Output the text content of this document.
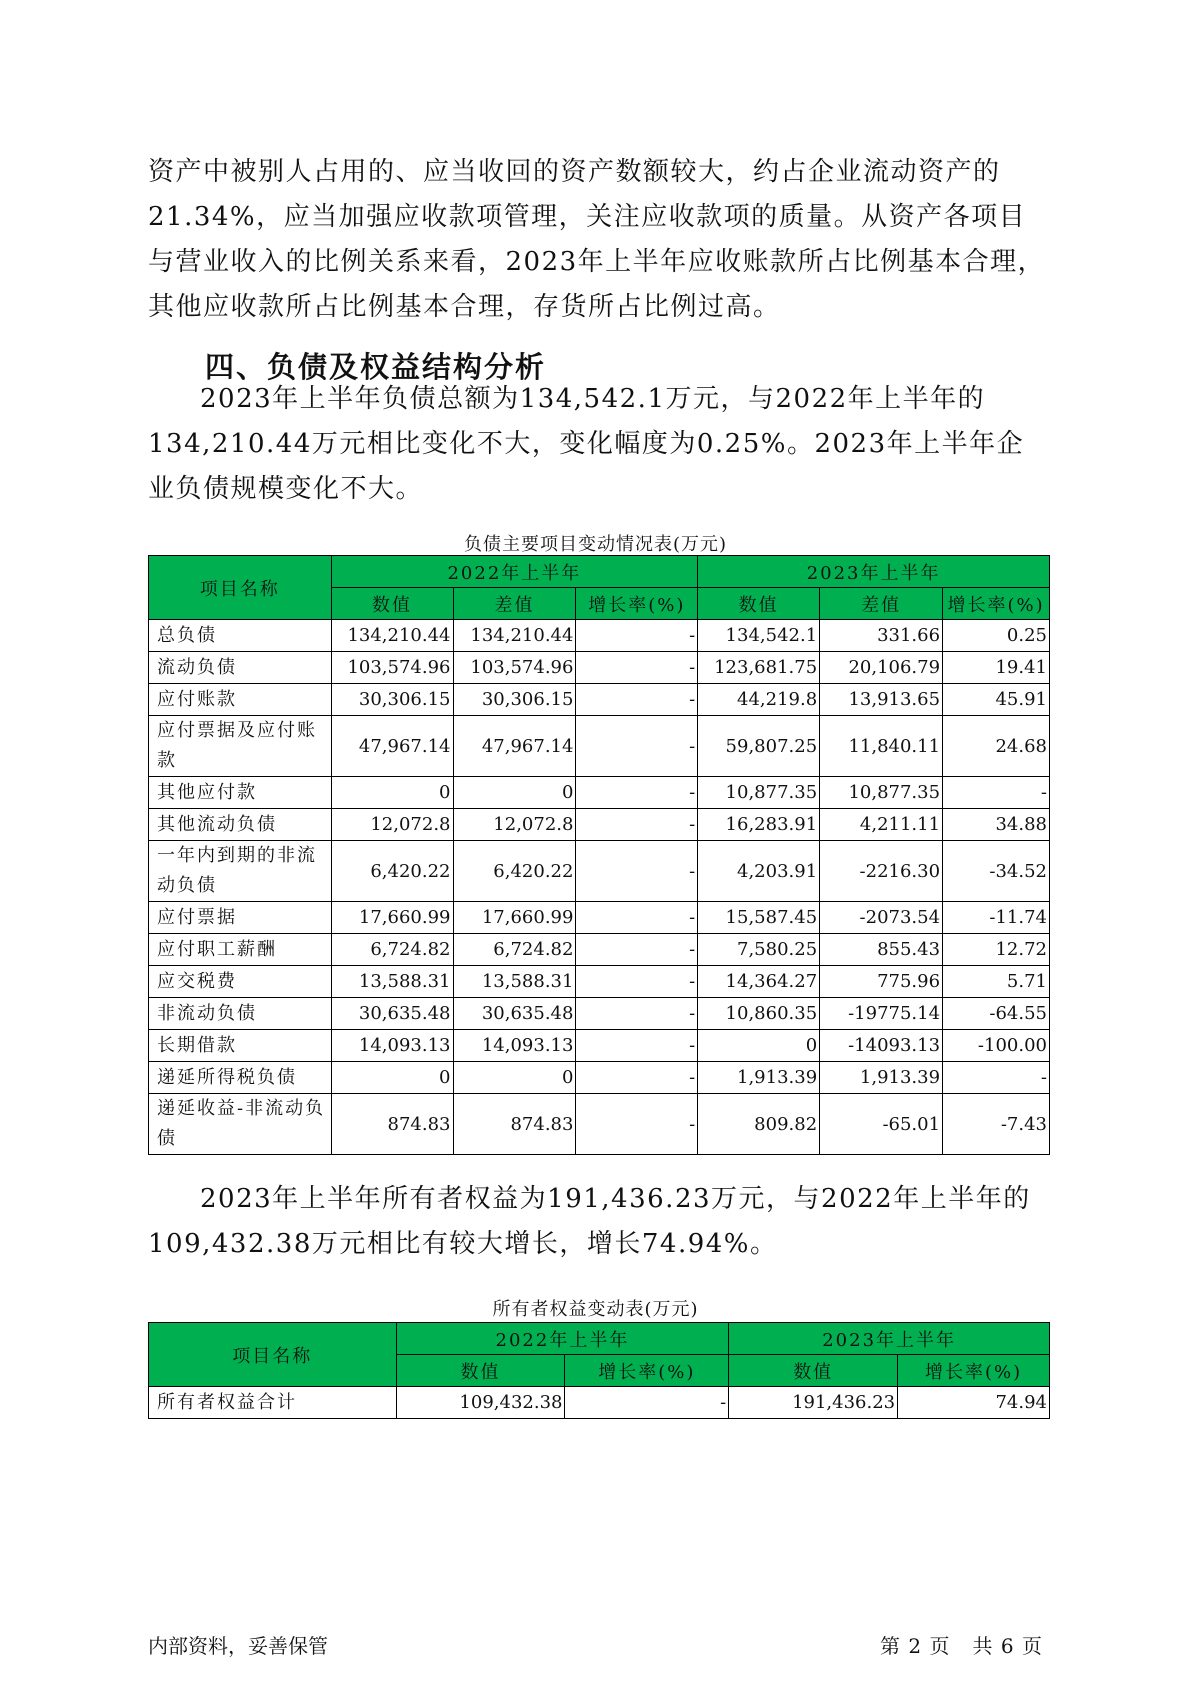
资产中被别人占用的、应当收回的资产数额较大，约占企业流动资产的21.34%，应当加强应收款项管理，关注应收款项的质量。从资产各项目与营业收入的比例关系来看，2023年上半年应收账款所占比例基本合理，其他应收款所占比例基本合理，存货所占比例过高。

四、负债及权益结构分析

2023年上半年负债总额为134,542.1万元，与2022年上半年的134,210.44万元相比变化不大，变化幅度为0.25%。2023年上半年企业负债规模变化不大。

负债主要项目变动情况表(万元)
项目名称	2022年上半年			2023年上半年		
	数值	差值	增长率(%)	数值	差值	增长率(%)
总负债	134,210.44	134,210.44	-	134,542.1	331.66	0.25
流动负债	103,574.96	103,574.96	-	123,681.75	20,106.79	19.41
应付账款	30,306.15	30,306.15	-	44,219.8	13,913.65	45.91
应付票据及应付账款	47,967.14	47,967.14	-	59,807.25	11,840.11	24.68
其他应付款	0	0	-	10,877.35	10,877.35	-
其他流动负债	12,072.8	12,072.8	-	16,283.91	4,211.11	34.88
一年内到期的非流动负债	6,420.22	6,420.22	-	4,203.91	-2216.30	-34.52
应付票据	17,660.99	17,660.99	-	15,587.45	-2073.54	-11.74
应付职工薪酬	6,724.82	6,724.82	-	7,580.25	855.43	12.72
应交税费	13,588.31	13,588.31	-	14,364.27	775.96	5.71
非流动负债	30,635.48	30,635.48	-	10,860.35	-19775.14	-64.55
长期借款	14,093.13	14,093.13	-	0	-14093.13	-100.00
递延所得税负债	0	0	-	1,913.39	1,913.39	-
递延收益-非流动负债	874.83	874.83	-	809.82	-65.01	-7.43

2023年上半年所有者权益为191,436.23万元，与2022年上半年的109,432.38万元相比有较大增长，增长74.94%。

所有者权益变动表(万元)
项目名称	2022年上半年		2023年上半年	
	数值	增长率(%)	数值	增长率(%)
所有者权益合计	109,432.38	-	191,436.23	74.94
内部资料，妥善保管	第 2 页   共 6 页
